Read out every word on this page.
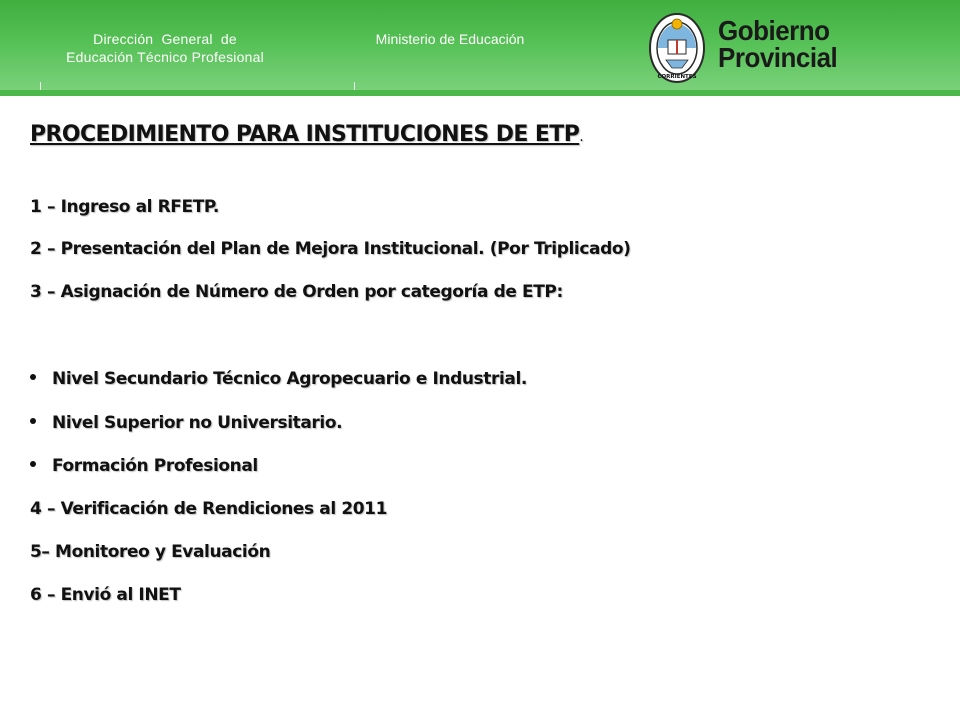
Dirección  General  de
Educación Técnico Profesional
Ministerio de Educación
CORRIENTES
Gobierno
Provincial
PROCEDIMIENTO PARA INSTITUCIONES DE ETP.
1 – Ingreso al RFETP.
2 – Presentación del Plan de Mejora Institucional. (Por Triplicado)
3 – Asignación de Número de Orden por categoría de ETP:
Nivel Secundario Técnico Agropecuario e Industrial.
Nivel Superior no Universitario.
Formación Profesional
4 – Verificación de Rendiciones al 2011
5– Monitoreo y Evaluación
6 – Envió al INET
